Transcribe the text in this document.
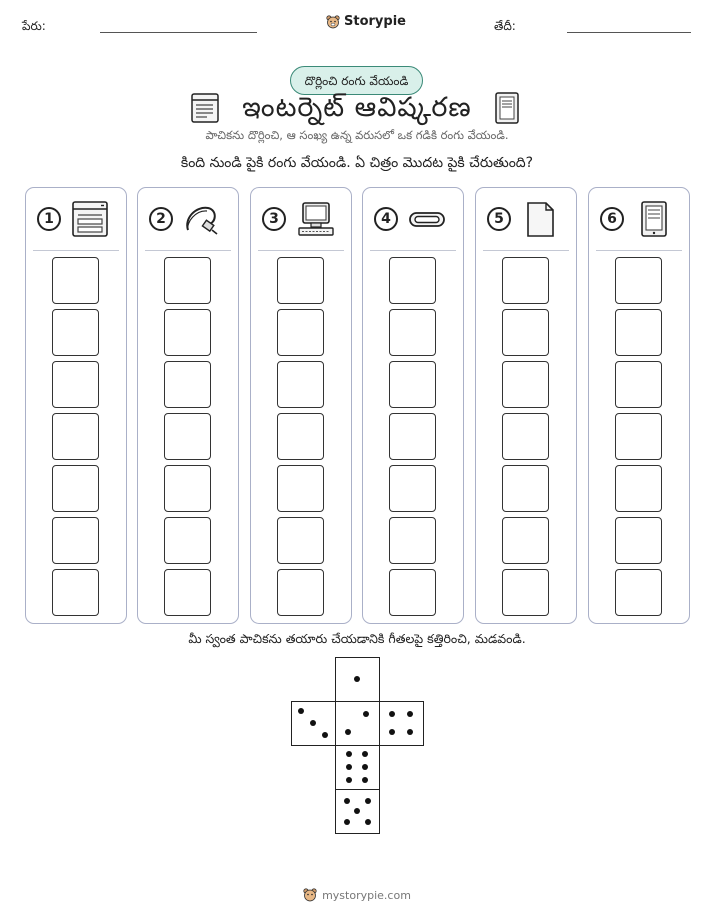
పేరు:	Storypie	తేదీ:
దొర్లించి రంగు వేయండి
ఇంటర్నెట్ ఆవిష్కరణ
పాచికను దొర్లించి, ఆ సంఖ్య ఉన్న వరుసలో ఒక గడికి రంగు వేయండి.
కింది నుండి పైకి రంగు వేయండి. ఏ చిత్రం మొదట పైకి చేరుతుంది?
1	2	3	4	5	6
మీ స్వంత పాచికను తయారు చేయడానికి గీతలపై కత్తిరించి, మడవండి.
mystorypie.com
